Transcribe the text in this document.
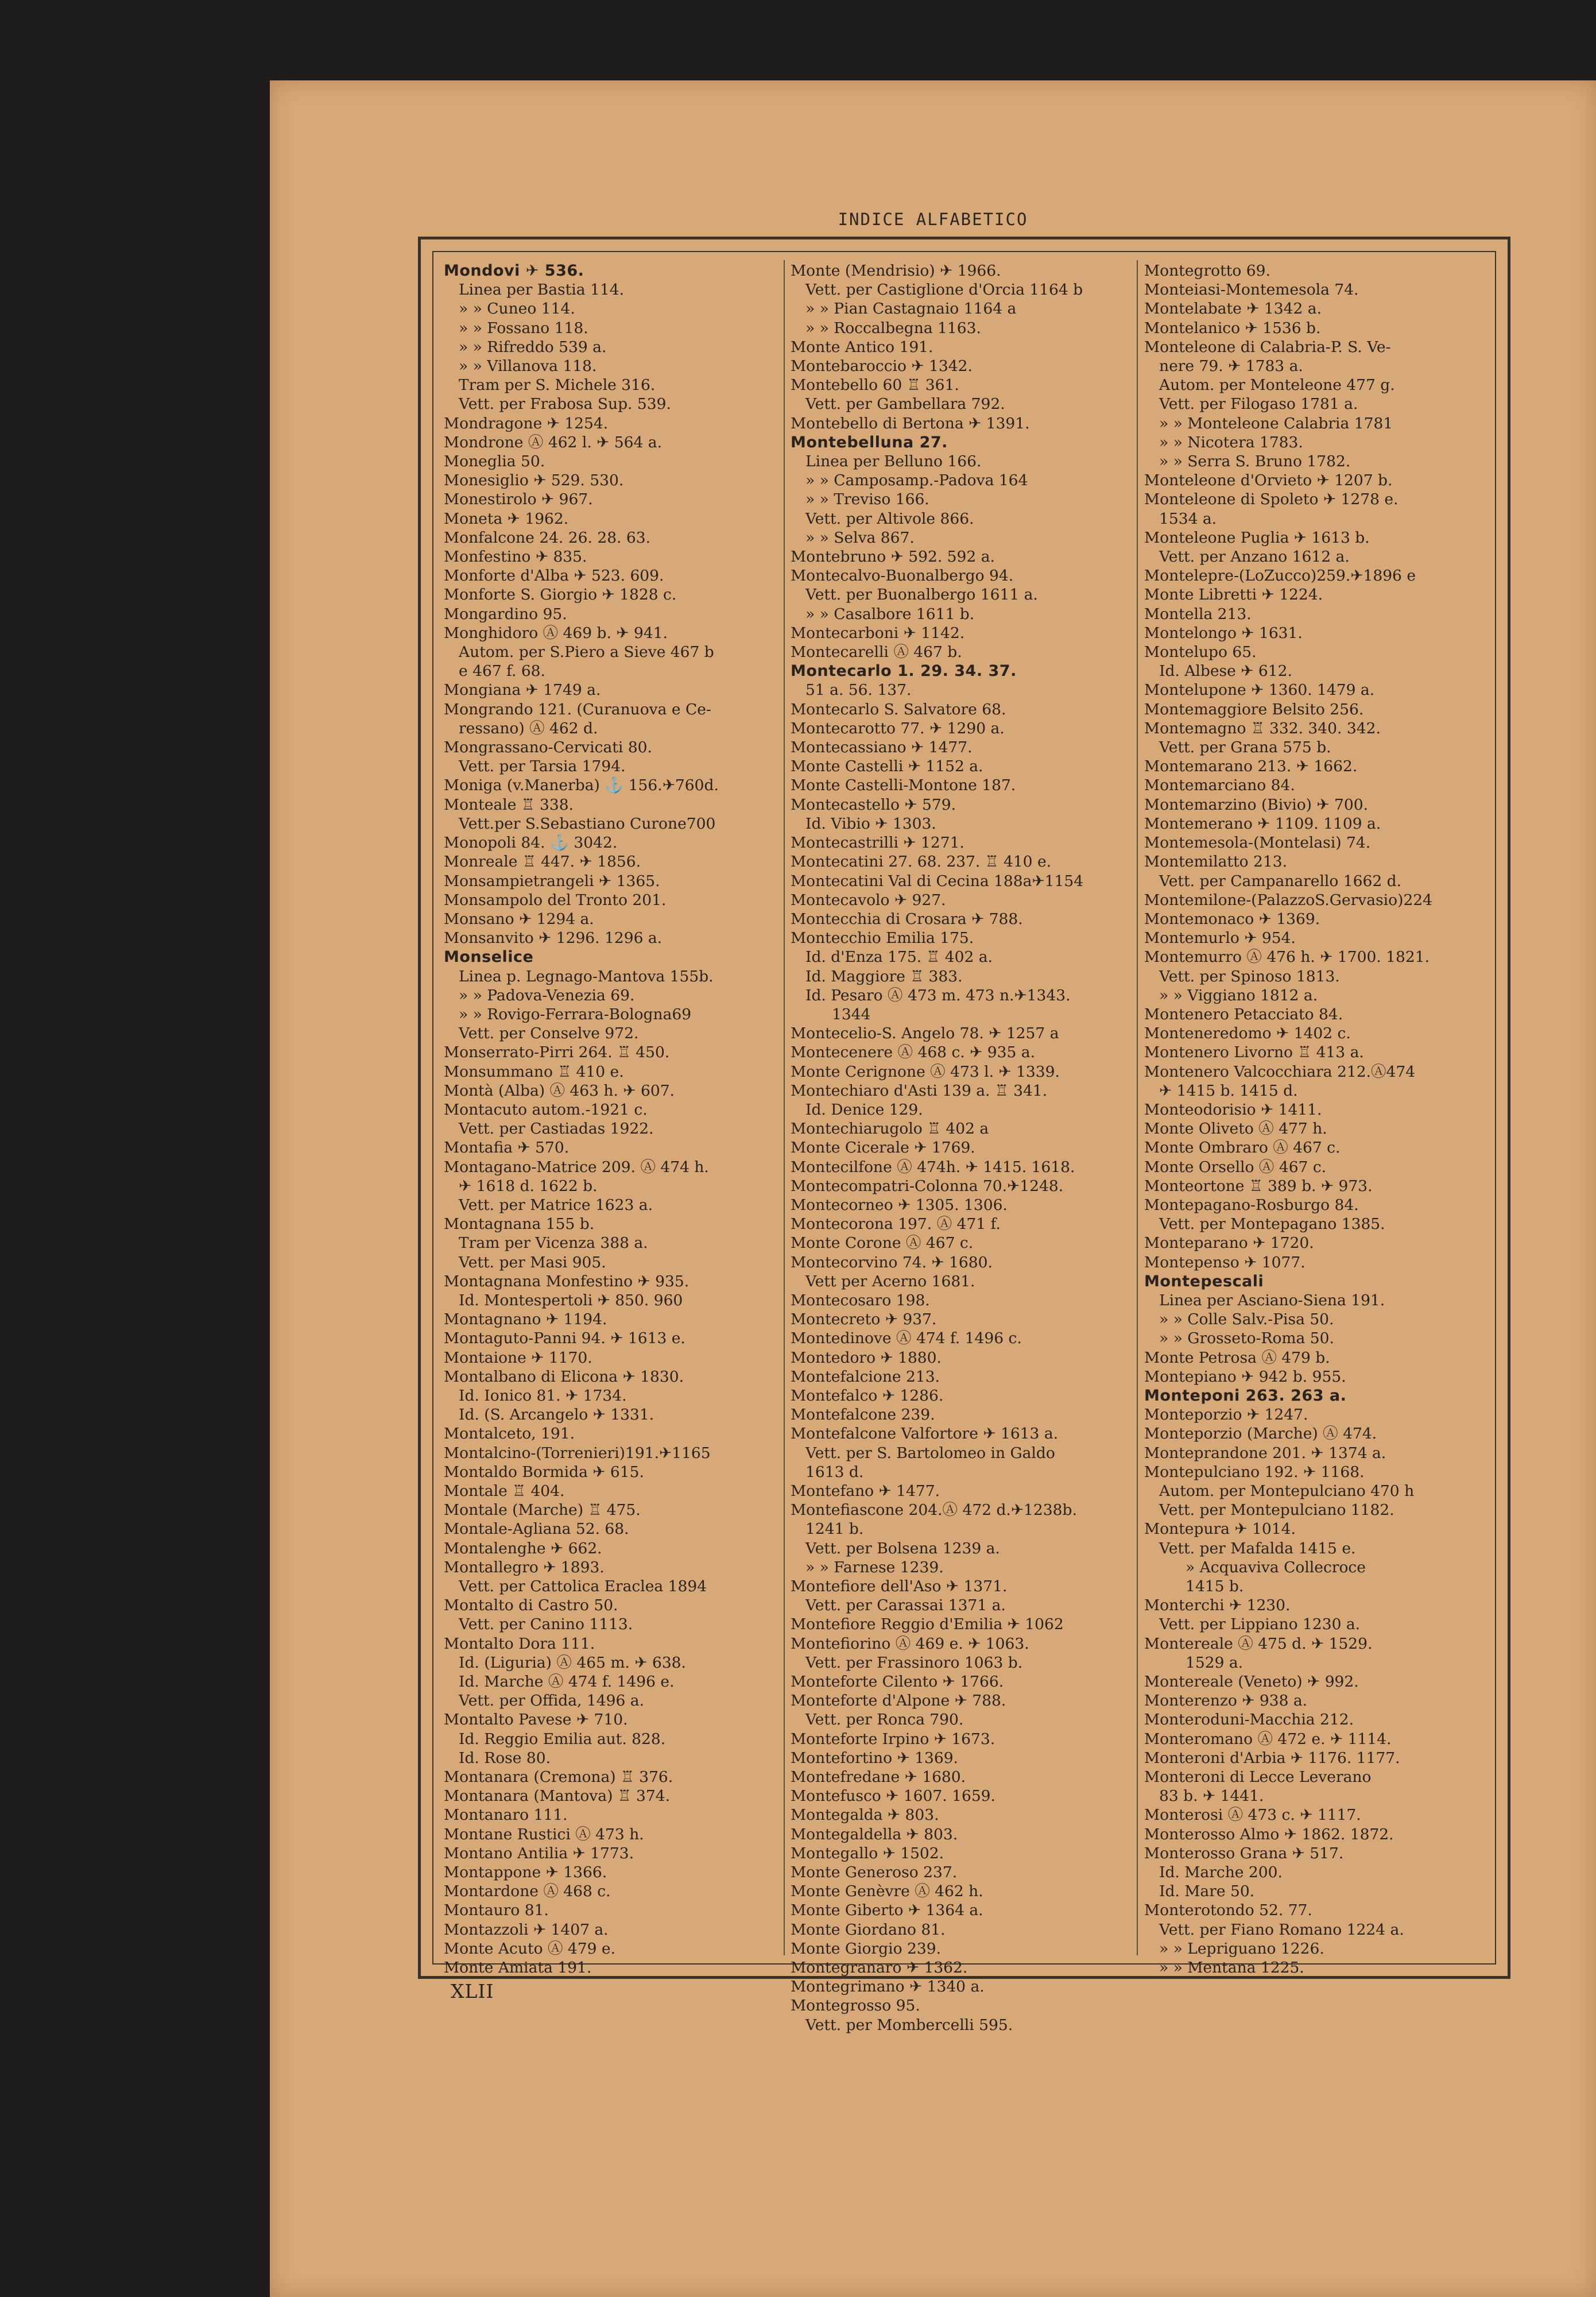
INDICE ALFABETICO
Mondovi ✈ 536.
Linea per Bastia 114.
» » Cuneo 114.
» » Fossano 118.
» » Rifreddo 539 a.
» » Villanova 118.
Tram per S. Michele 316.
Vett. per Frabosa Sup. 539.
Mondragone ✈ 1254.
Mondrone Ⓐ 462 l. ✈ 564 a.
Moneglia 50.
Monesiglio ✈ 529. 530.
Monestirolo ✈ 967.
Moneta ✈ 1962.
Monfalcone 24. 26. 28. 63.
Monfestino ✈ 835.
Monforte d'Alba ✈ 523. 609.
Monforte S. Giorgio ✈ 1828 c.
Mongardino 95.
Monghidoro Ⓐ 469 b. ✈ 941.
Autom. per S.Piero a Sieve 467 b
e 467 f. 68.
Mongiana ✈ 1749 a.
Mongrando 121. (Curanuova e Ce-
ressano) Ⓐ 462 d.
Mongrassano-Cervicati 80.
Vett. per Tarsia 1794.
Moniga (v.Manerba) ⚓ 156.✈760d.
Monteale ♖ 338.
Vett.per S.Sebastiano Curone700
Monopoli 84. ⚓ 3042.
Monreale ♖ 447. ✈ 1856.
Monsampietrangeli ✈ 1365.
Monsampolo del Tronto 201.
Monsano ✈ 1294 a.
Monsanvito ✈ 1296. 1296 a.
Monselice
Linea p. Legnago-Mantova 155b.
» » Padova-Venezia 69.
» » Rovigo-Ferrara-Bologna69
Vett. per Conselve 972.
Monserrato-Pirri 264. ♖ 450.
Monsummano ♖ 410 e.
Montà (Alba) Ⓐ 463 h. ✈ 607.
Montacuto autom.-1921 c.
Vett. per Castiadas 1922.
Montafia ✈ 570.
Montagano-Matrice 209. Ⓐ 474 h.
✈ 1618 d. 1622 b.
Vett. per Matrice 1623 a.
Montagnana 155 b.
Tram per Vicenza 388 a.
Vett. per Masi 905.
Montagnana Monfestino ✈ 935.
Id. Montespertoli ✈ 850. 960
Montagnano ✈ 1194.
Montaguto-Panni 94. ✈ 1613 e.
Montaione ✈ 1170.
Montalbano di Elicona ✈ 1830.
Id. Ionico 81. ✈ 1734.
Id. (S. Arcangelo ✈ 1331.
Montalceto, 191.
Montalcino-(Torrenieri)191.✈1165
Montaldo Bormida ✈ 615.
Montale ♖ 404.
Montale (Marche) ♖ 475.
Montale-Agliana 52. 68.
Montalenghe ✈ 662.
Montallegro ✈ 1893.
Vett. per Cattolica Eraclea 1894
Montalto di Castro 50.
Vett. per Canino 1113.
Montalto Dora 111.
Id. (Liguria) Ⓐ 465 m. ✈ 638.
Id. Marche Ⓐ 474 f. 1496 e.
Vett. per Offida, 1496 a.
Montalto Pavese ✈ 710.
Id. Reggio Emilia aut. 828.
Id. Rose 80.
Montanara (Cremona) ♖ 376.
Montanara (Mantova) ♖ 374.
Montanaro 111.
Montane Rustici Ⓐ 473 h.
Montano Antilia ✈ 1773.
Montappone ✈ 1366.
Montardone Ⓐ 468 c.
Montauro 81.
Montazzoli ✈ 1407 a.
Monte Acuto Ⓐ 479 e.
Monte Amiata 191.
Monte (Mendrisio) ✈ 1966.
Vett. per Castiglione d'Orcia 1164 b
» » Pian Castagnaio 1164 a
» » Roccalbegna 1163.
Monte Antico 191.
Montebaroccio ✈ 1342.
Montebello 60 ♖ 361.
Vett. per Gambellara 792.
Montebello di Bertona ✈ 1391.
Montebelluna 27.
Linea per Belluno 166.
» » Camposamp.-Padova 164
» » Treviso 166.
Vett. per Altivole 866.
» » Selva 867.
Montebruno ✈ 592. 592 a.
Montecalvo-Buonalbergo 94.
Vett. per Buonalbergo 1611 a.
» » Casalbore 1611 b.
Montecarboni ✈ 1142.
Montecarelli Ⓐ 467 b.
Montecarlo 1. 29. 34. 37.
51 a. 56. 137.
Montecarlo S. Salvatore 68.
Montecarotto 77. ✈ 1290 a.
Montecassiano ✈ 1477.
Monte Castelli ✈ 1152 a.
Monte Castelli-Montone 187.
Montecastello ✈ 579.
Id. Vibio ✈ 1303.
Montecastrilli ✈ 1271.
Montecatini 27. 68. 237. ♖ 410 e.
Montecatini Val di Cecina 188a✈1154
Montecavolo ✈ 927.
Montecchia di Crosara ✈ 788.
Montecchio Emilia 175.
Id. d'Enza 175. ♖ 402 a.
Id. Maggiore ♖ 383.
Id. Pesaro Ⓐ 473 m. 473 n.✈1343.
1344
Montecelio-S. Angelo 78. ✈ 1257 a
Montecenere Ⓐ 468 c. ✈ 935 a.
Monte Cerignone Ⓐ 473 l. ✈ 1339.
Montechiaro d'Asti 139 a. ♖ 341.
Id. Denice 129.
Montechiarugolo ♖ 402 a
Monte Cicerale ✈ 1769.
Montecilfone Ⓐ 474h. ✈ 1415. 1618.
Montecompatri-Colonna 70.✈1248.
Montecorneo ✈ 1305. 1306.
Montecorona 197. Ⓐ 471 f.
Monte Corone Ⓐ 467 c.
Montecorvino 74. ✈ 1680.
Vett per Acerno 1681.
Montecosaro 198.
Montecreto ✈ 937.
Montedinove Ⓐ 474 f. 1496 c.
Montedoro ✈ 1880.
Montefalcione 213.
Montefalco ✈ 1286.
Montefalcone 239.
Montefalcone Valfortore ✈ 1613 a.
Vett. per S. Bartolomeo in Galdo
1613 d.
Montefano ✈ 1477.
Montefiascone 204.Ⓐ 472 d.✈1238b.
1241 b.
Vett. per Bolsena 1239 a.
» » Farnese 1239.
Montefiore dell'Aso ✈ 1371.
Vett. per Carassai 1371 a.
Montefiore Reggio d'Emilia ✈ 1062
Montefiorino Ⓐ 469 e. ✈ 1063.
Vett. per Frassinoro 1063 b.
Monteforte Cilento ✈ 1766.
Monteforte d'Alpone ✈ 788.
Vett. per Ronca 790.
Monteforte Irpino ✈ 1673.
Montefortino ✈ 1369.
Montefredane ✈ 1680.
Montefusco ✈ 1607. 1659.
Montegalda ✈ 803.
Montegaldella ✈ 803.
Montegallo ✈ 1502.
Monte Generoso 237.
Monte Genèvre Ⓐ 462 h.
Monte Giberto ✈ 1364 a.
Monte Giordano 81.
Monte Giorgio 239.
Montegranaro ✈ 1362.
Montegrimano ✈ 1340 a.
Montegrosso 95.
Vett. per Mombercelli 595.
Montegrotto 69.
Monteiasi-Montemesola 74.
Montelabate ✈ 1342 a.
Montelanico ✈ 1536 b.
Monteleone di Calabria-P. S. Ve-
nere 79. ✈ 1783 a.
Autom. per Monteleone 477 g.
Vett. per Filogaso 1781 a.
» » Monteleone Calabria 1781
» » Nicotera 1783.
» » Serra S. Bruno 1782.
Monteleone d'Orvieto ✈ 1207 b.
Monteleone di Spoleto ✈ 1278 e.
1534 a.
Monteleone Puglia ✈ 1613 b.
Vett. per Anzano 1612 a.
Montelepre-(LoZucco)259.✈1896 e
Monte Libretti ✈ 1224.
Montella 213.
Montelongo ✈ 1631.
Montelupo 65.
Id. Albese ✈ 612.
Montelupone ✈ 1360. 1479 a.
Montemaggiore Belsito 256.
Montemagno ♖ 332. 340. 342.
Vett. per Grana 575 b.
Montemarano 213. ✈ 1662.
Montemarciano 84.
Montemarzino (Bivio) ✈ 700.
Montemerano ✈ 1109. 1109 a.
Montemesola-(Montelasi) 74.
Montemilatto 213.
Vett. per Campanarello 1662 d.
Montemilone-(PalazzoS.Gervasio)224
Montemonaco ✈ 1369.
Montemurlo ✈ 954.
Montemurro Ⓐ 476 h. ✈ 1700. 1821.
Vett. per Spinoso 1813.
» » Viggiano 1812 a.
Montenero Petacciato 84.
Monteneredomo ✈ 1402 c.
Montenero Livorno ♖ 413 a.
Montenero Valcocchiara 212.Ⓐ474
✈ 1415 b. 1415 d.
Monteodorisio ✈ 1411.
Monte Oliveto Ⓐ 477 h.
Monte Ombraro Ⓐ 467 c.
Monte Orsello Ⓐ 467 c.
Monteortone ♖ 389 b. ✈ 973.
Montepagano-Rosburgo 84.
Vett. per Montepagano 1385.
Monteparano ✈ 1720.
Montepenso ✈ 1077.
Montepescali
Linea per Asciano-Siena 191.
» » Colle Salv.-Pisa 50.
» » Grosseto-Roma 50.
Monte Petrosa Ⓐ 479 b.
Montepiano ✈ 942 b. 955.
Monteponi 263. 263 a.
Monteporzio ✈ 1247.
Monteporzio (Marche) Ⓐ 474.
Monteprandone 201. ✈ 1374 a.
Montepulciano 192. ✈ 1168.
Autom. per Montepulciano 470 h
Vett. per Montepulciano 1182.
Montepura ✈ 1014.
Vett. per Mafalda 1415 e.
» Acquaviva Collecroce
1415 b.
Monterchi ✈ 1230.
Vett. per Lippiano 1230 a.
Montereale Ⓐ 475 d. ✈ 1529.
1529 a.
Montereale (Veneto) ✈ 992.
Monterenzo ✈ 938 a.
Monteroduni-Macchia 212.
Monteromano Ⓐ 472 e. ✈ 1114.
Monteroni d'Arbia ✈ 1176. 1177.
Monteroni di Lecce Leverano
83 b. ✈ 1441.
Monterosi Ⓐ 473 c. ✈ 1117.
Monterosso Almo ✈ 1862. 1872.
Monterosso Grana ✈ 517.
Id. Marche 200.
Id. Mare 50.
Monterotondo 52. 77.
Vett. per Fiano Romano 1224 a.
» » Lepriguano 1226.
» » Mentana 1225.
XLII
